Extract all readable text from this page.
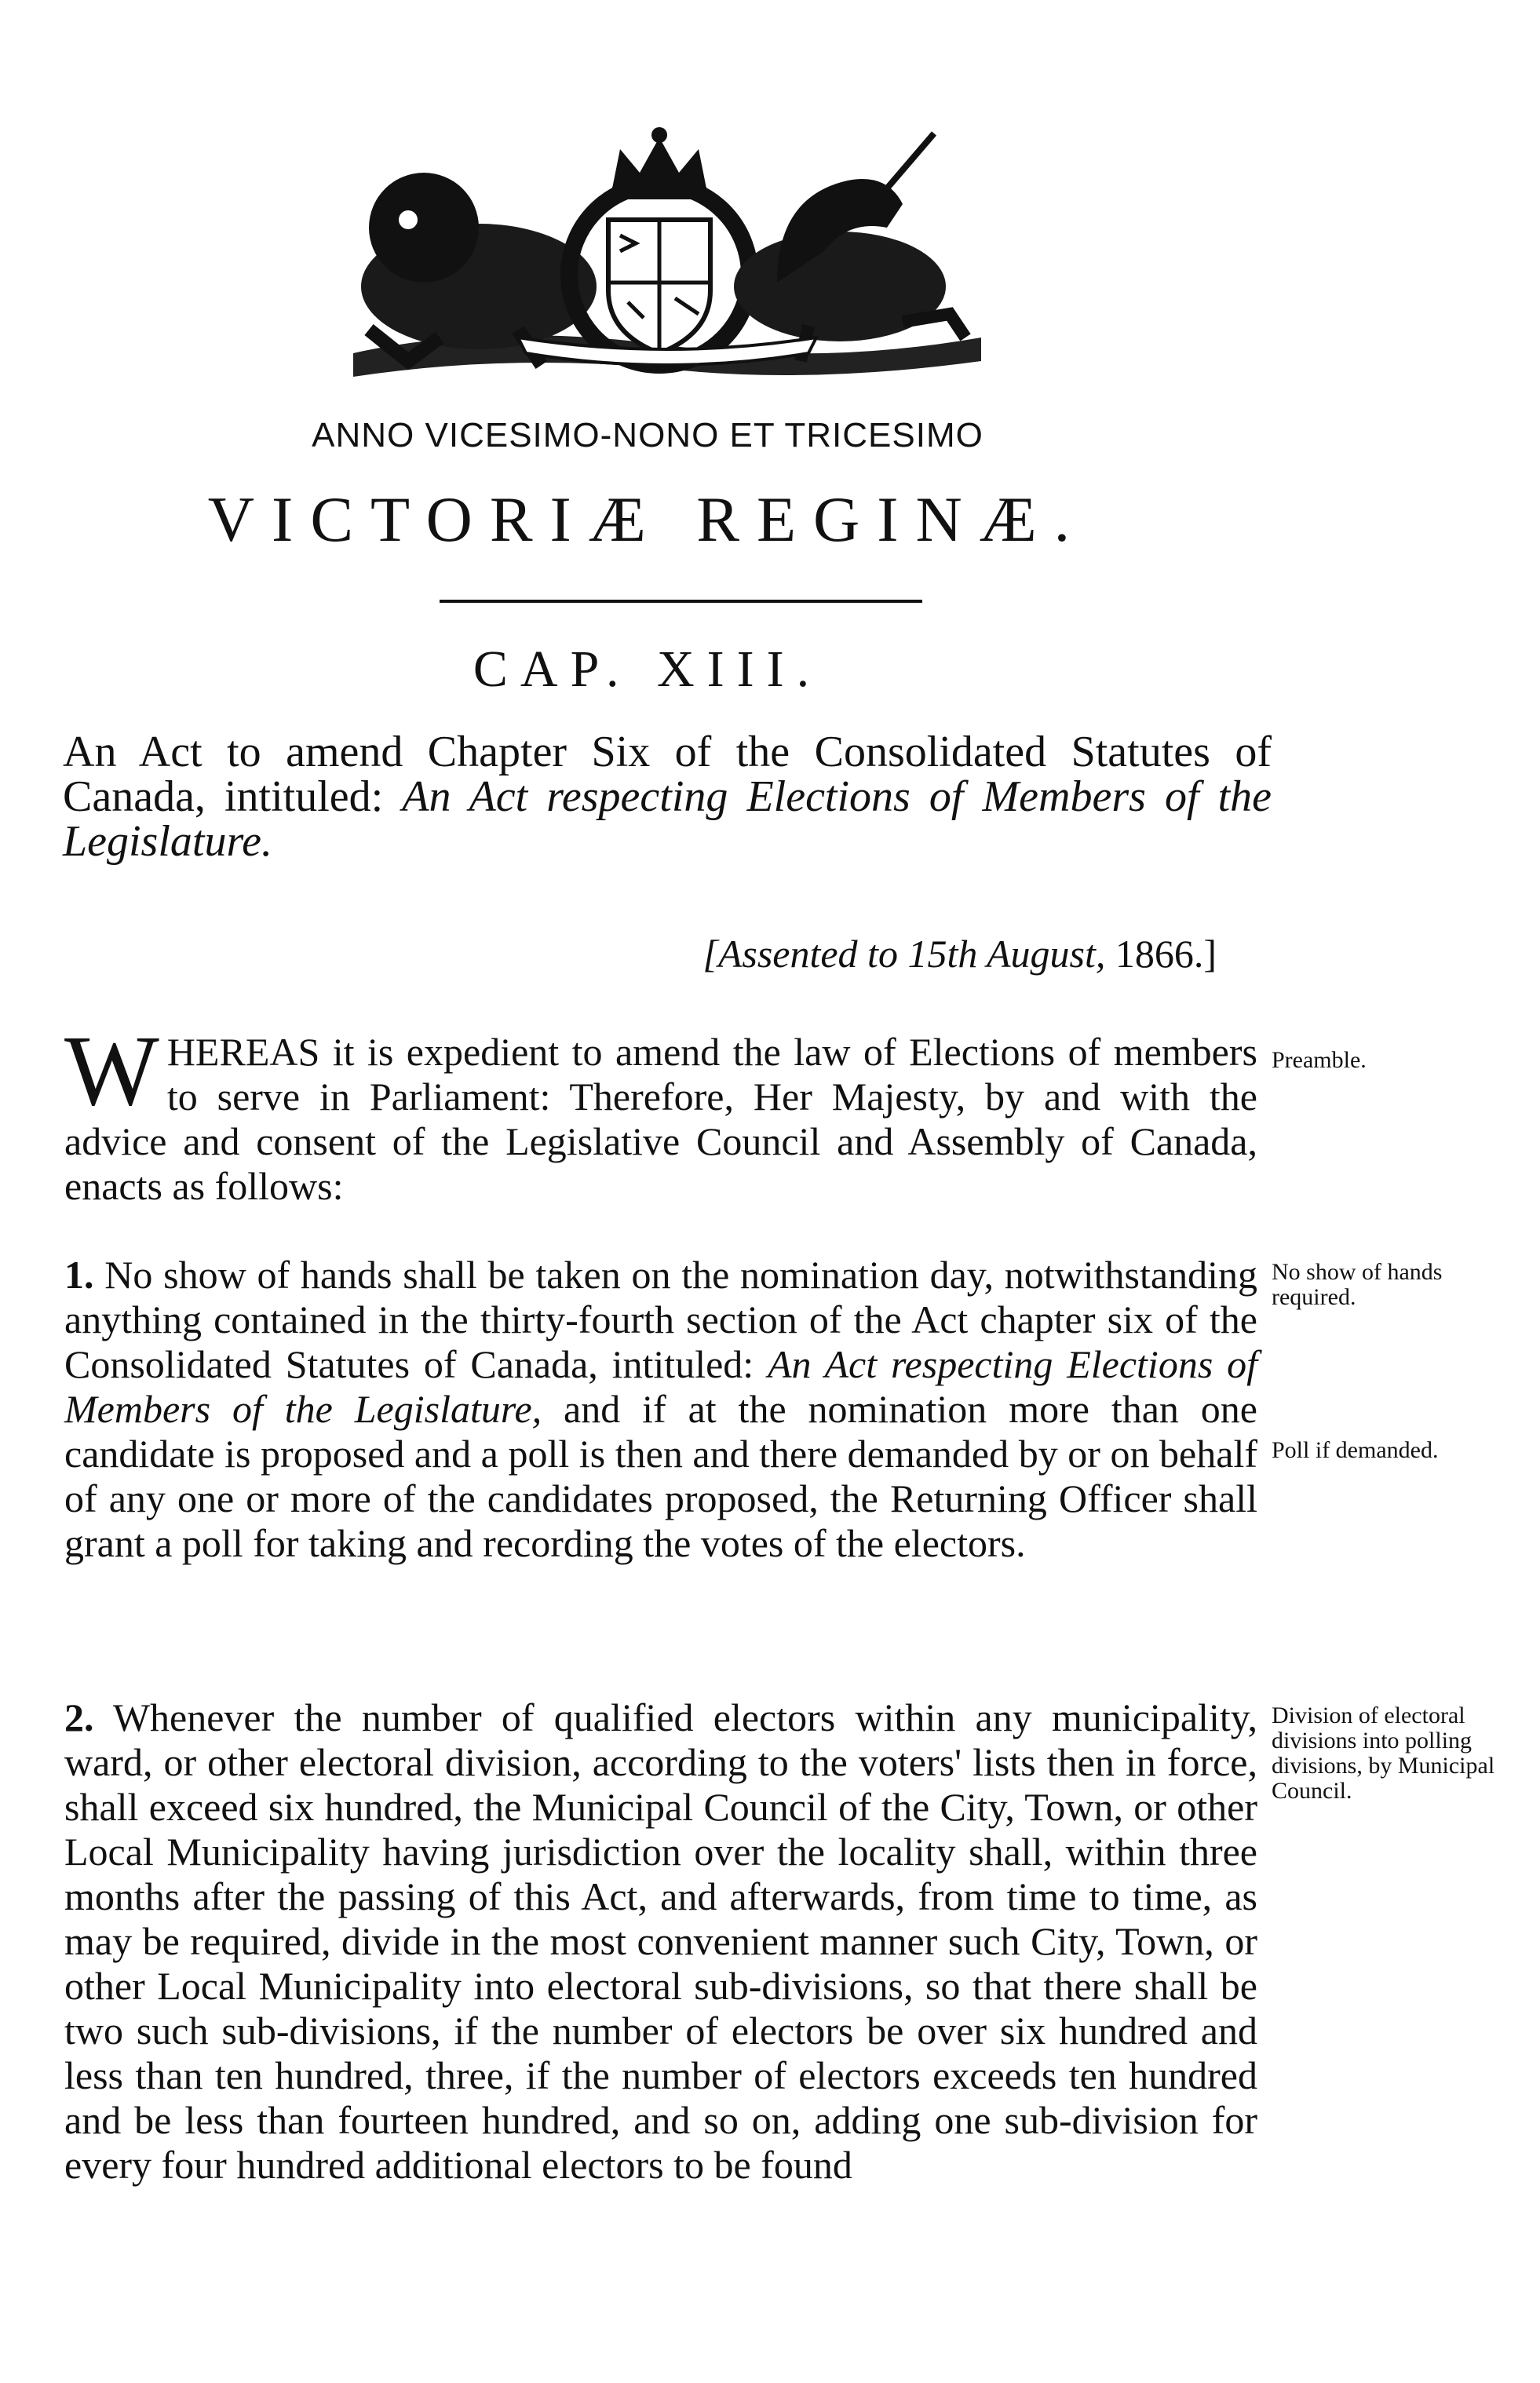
ANNO VICESIMO-NONO ET TRICESIMO
VICTORIÆ REGINÆ.
CAP. XIII.
An Act to amend Chapter Six of the Consolidated Statutes of Canada, intituled: An Act respecting Elections of Members of the Legislature.
[Assented to 15th August, 1866.]

WHEREAS it is expedient to amend the law of Elections of members to serve in Parliament: Therefore, Her Majesty, by and with the advice and consent of the Legislative Council and Assembly of Canada, enacts as follows:

Preamble.

1. No show of hands shall be taken on the nomination day, notwithstanding anything contained in the thirty-fourth section of the Act chapter six of the Consolidated Statutes of Canada, intituled: An Act respecting Elections of Members of the Legislature, and if at the nomination more than one candidate is proposed and a poll is then and there demanded by or on behalf of any one or more of the candidates proposed, the Returning Officer shall grant a poll for taking and recording the votes of the electors.

No show of hands required.
Poll if demanded.

2. Whenever the number of qualified electors within any municipality, ward, or other electoral division, according to the voters' lists then in force, shall exceed six hundred, the Municipal Council of the City, Town, or other Local Municipality having jurisdiction over the locality shall, within three months after the passing of this Act, and afterwards, from time to time, as may be required, divide in the most convenient manner such City, Town, or other Local Municipality into electoral sub-divisions, so that there shall be two such sub-divisions, if the number of electors be over six hundred and less than ten hundred, three, if the number of electors exceeds ten hundred and be less than fourteen hundred, and so on, adding one sub-division for every four hundred additional electors to be found

Division of electoral divisions into polling divisions, by Municipal Council.
